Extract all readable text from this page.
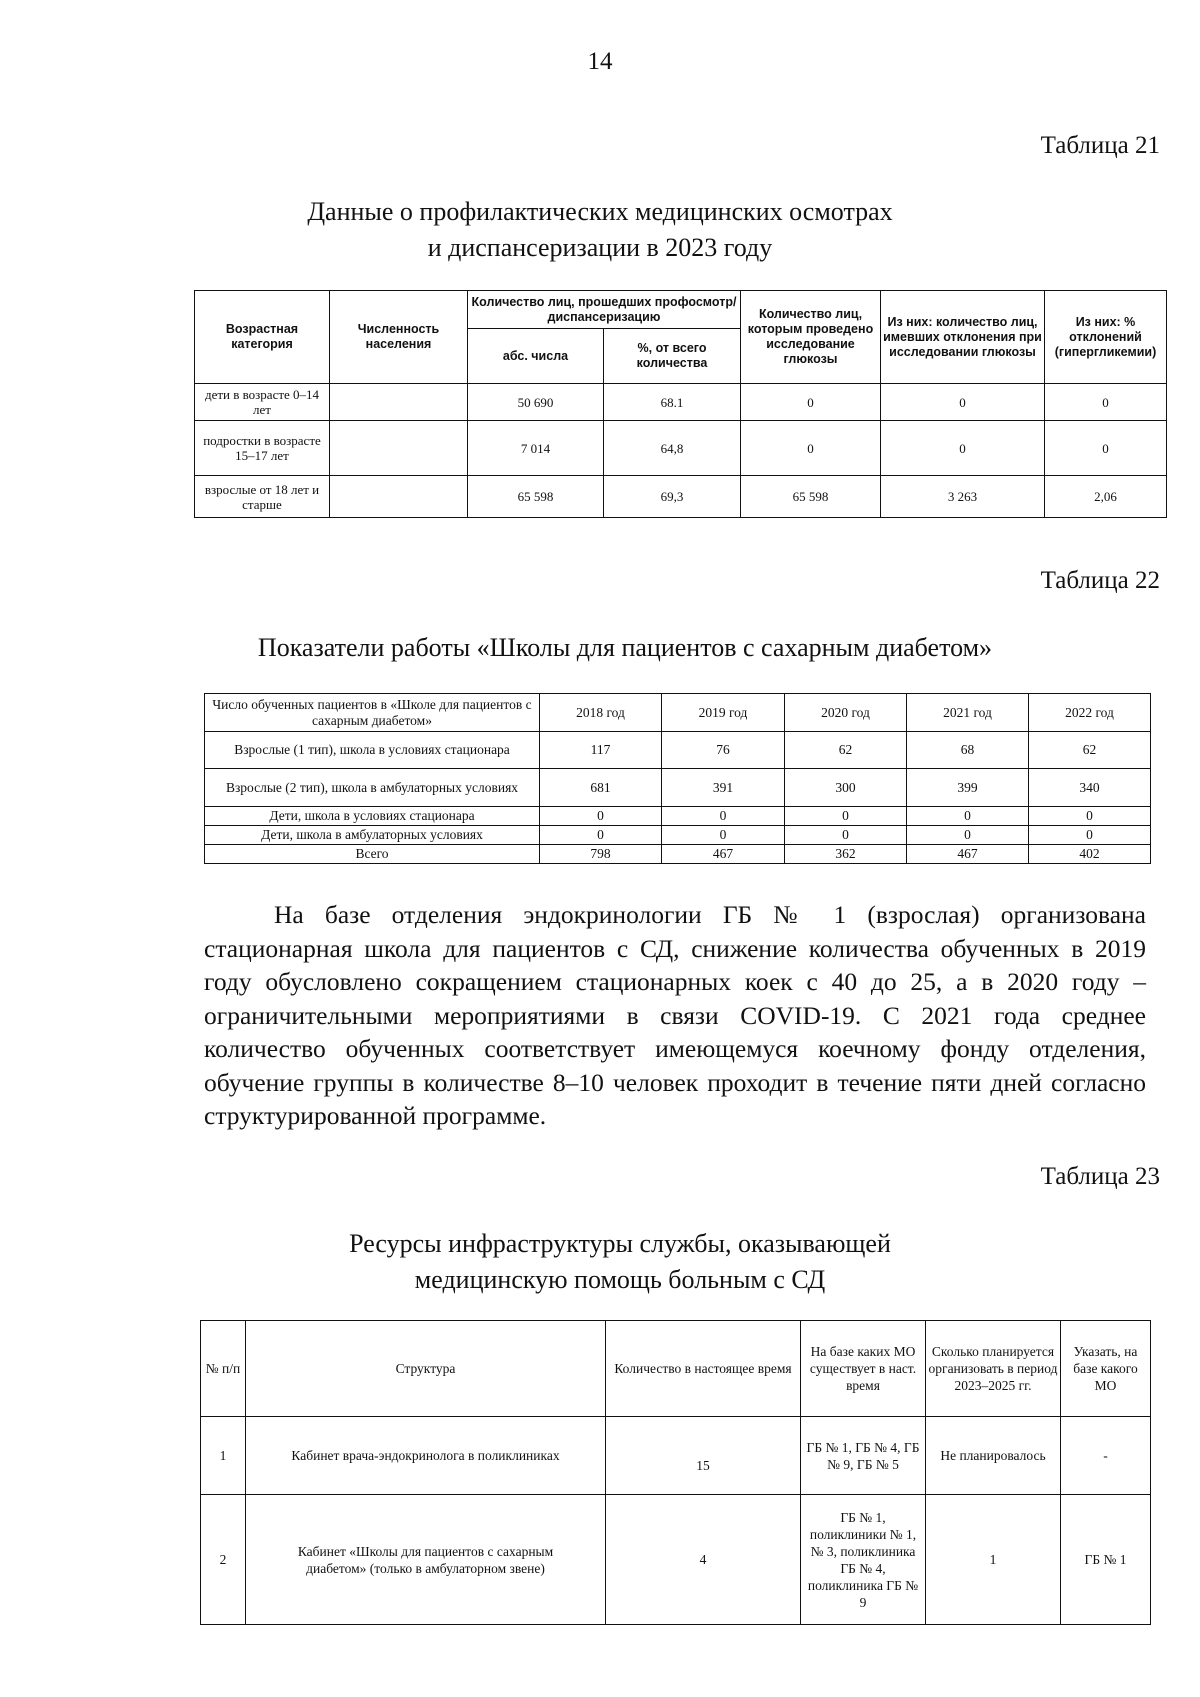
14
Таблица 21
Данные о профилактических медицинских осмотрах
и диспансеризации в 2023 году
Возрастная категория	Численность населения	Количество лиц, прошедших профосмотр/диспансеризацию		Количество лиц, которым проведено исследование глюкозы	Из них: количество лиц, имевших отклонения при исследовании глюкозы	Из них: % отклонений (гипергликемии)
		абс. числа	%, от всего количества			
дети в возрасте 0–14 лет		50 690	68.1	0	0	0
подростки в возрасте 15–17 лет		7 014	64,8	0	0	0
взрослые от 18 лет и старше		65 598	69,3	65 598	3 263	2,06
Таблица 22
Показатели работы «Школы для пациентов с сахарным диабетом»
Число обученных пациентов в «Школе для пациентов с сахарным диабетом»	2018 год	2019 год	2020 год	2021 год	2022 год
Взрослые (1 тип), школа в условиях стационара	117	76	62	68	62
Взрослые (2 тип), школа в амбулаторных условиях	681	391	300	399	340
Дети, школа в условиях стационара	0	0	0	0	0
Дети, школа в амбулаторных условиях	0	0	0	0	0
Всего	798	467	362	467	402

На базе отделения эндокринологии ГБ № 1 (взрослая) организована стационарная школа для пациентов с СД, снижение количества обученных в 2019 году обусловлено сокращением стационарных коек с 40 до 25, а в 2020 году – ограничительными мероприятиями в связи COVID-19. С 2021 года среднее количество обученных соответствует имеющемуся коечному фонду отделения, обучение группы в количестве 8–10 человек проходит в течение пяти дней согласно структурированной программе.

Таблица 23
Ресурсы инфраструктуры службы, оказывающей
медицинскую помощь больным с СД
№ п/п	Структура	Количество в настоящее время	На базе каких МО существует в наст. время	Сколько планируется организовать в период 2023–2025 гг.	Указать, на базе какого МО
1	Кабинет врача-эндокринолога в поликлиниках	15	ГБ № 1, ГБ № 4, ГБ № 9, ГБ № 5	Не планировалось	-
2	Кабинет «Школы для пациентов с сахарным диабетом» (только в амбулаторном звене)	4	ГБ № 1, поликлиники № 1, № 3, поликлиника ГБ № 4, поликлиника ГБ № 9	1	ГБ № 1
